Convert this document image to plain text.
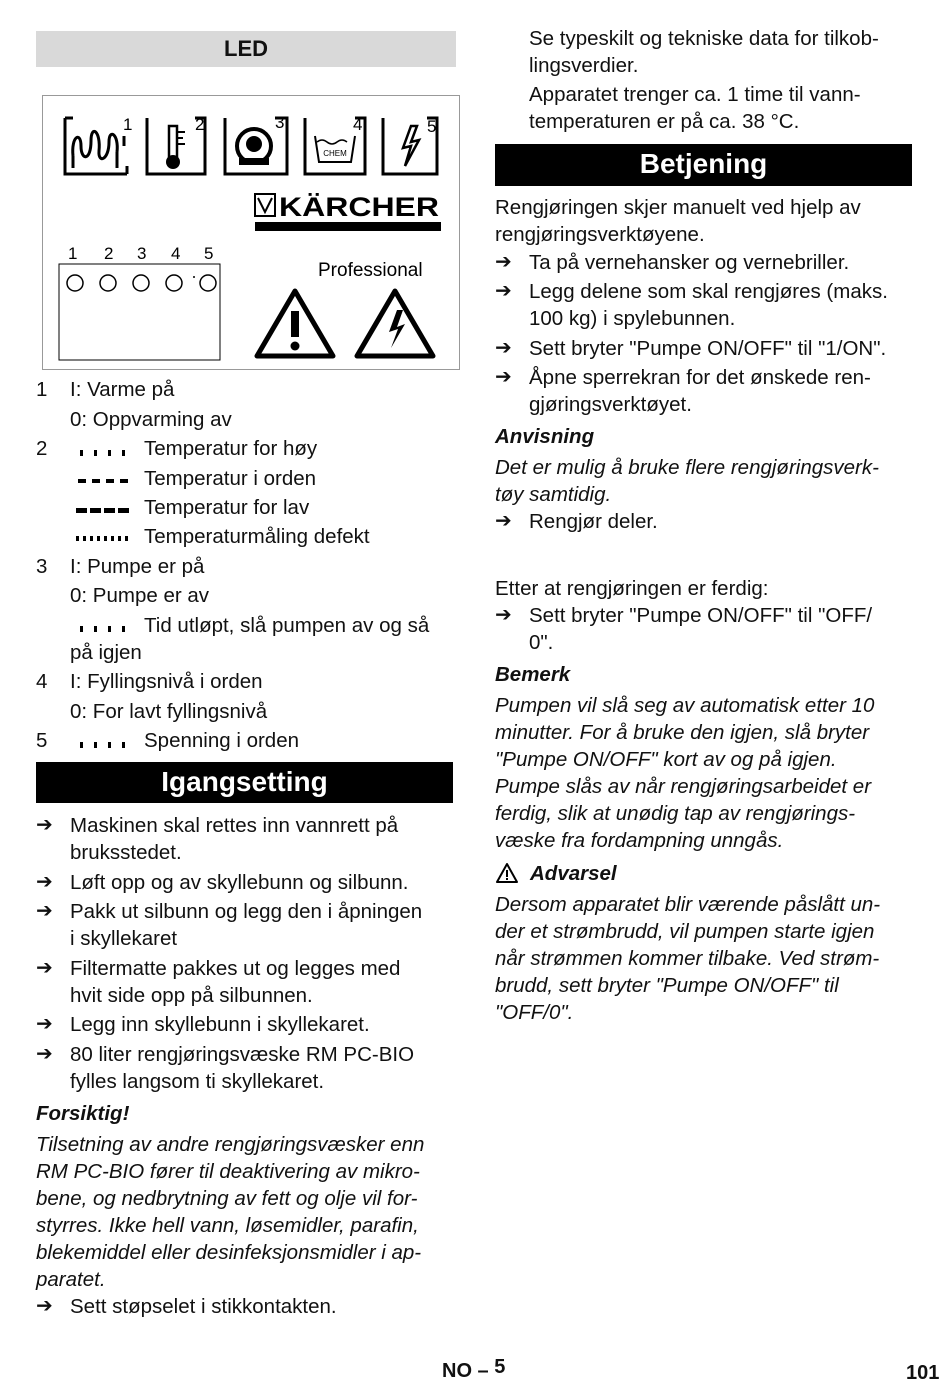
LED
CHEM
1	2	3	4	5
KÄRCHER
Professional
1 2 3 4 5
1 I: Varme på
0: Oppvarming av
2	Temperatur for høy
Temperatur i orden
Temperatur for lav
Temperaturmåling defekt
3 I: Pumpe er på
0: Pumpe er av
Tid utløpt, slå pumpen av og så
på igjen
4 I: Fyllingsnivå i orden
0: For lavt fyllingsnivå
5	Spenning i orden
Igangsetting
➔ Maskinen skal rettes inn vannrett på
bruksstedet.
➔ Løft opp og av skyllebunn og silbunn.
➔ Pakk ut silbunn og legg den i åpningen
i skyllekaret
➔ Filtermatte pakkes ut og legges med
hvit side opp på silbunnen.
➔ Legg inn skyllebunn i skyllekaret.
➔ 80 liter rengjøringsvæske RM PC-BIO
fylles langsom ti skyllekaret.
Forsiktig!
Tilsetning av andre rengjøringsvæsker enn
RM PC-BIO fører til deaktivering av mikro-
bene, og nedbrytning av fett og olje vil for-
styrres. Ikke hell vann, løsemidler, parafin,
blekemiddel eller desinfeksjonsmidler i ap-
paratet.
➔ Sett støpselet i stikkontakten.
Se typeskilt og tekniske data for tilkob-
lingsverdier.
Apparatet trenger ca. 1 time til vann-
temperaturen er på ca. 38 °C.
Betjening
Rengjøringen skjer manuelt ved hjelp av
rengjøringsverktøyene.
➔ Ta på vernehansker og vernebriller.
➔ Legg delene som skal rengjøres (maks.
100 kg) i spylebunnen.
➔ Sett bryter "Pumpe ON/OFF" til "1/ON".
➔ Åpne sperrekran for det ønskede ren-
gjøringsverktøyet.
Anvisning
Det er mulig å bruke flere rengjøringsverk-
tøy samtidig.
➔ Rengjør deler.
Etter at rengjøringen er ferdig:
➔ Sett bryter "Pumpe ON/OFF" til "OFF/
0".
Bemerk
Pumpen vil slå seg av automatisk etter 10
minutter. For å bruke den igjen, slå bryter
"Pumpe ON/OFF" kort av og på igjen.
Pumpe slås av når rengjøringsarbeidet er
ferdig, slik at unødig tap av rengjørings-
væske fra fordampning unngås.
Advarsel
Dersom apparatet blir værende påslått un-
der et strømbrudd, vil pumpen starte igjen
når strømmen kommer tilbake. Ved strøm-
brudd, sett bryter "Pumpe ON/OFF" til
"OFF/0".
NO – 5	101
